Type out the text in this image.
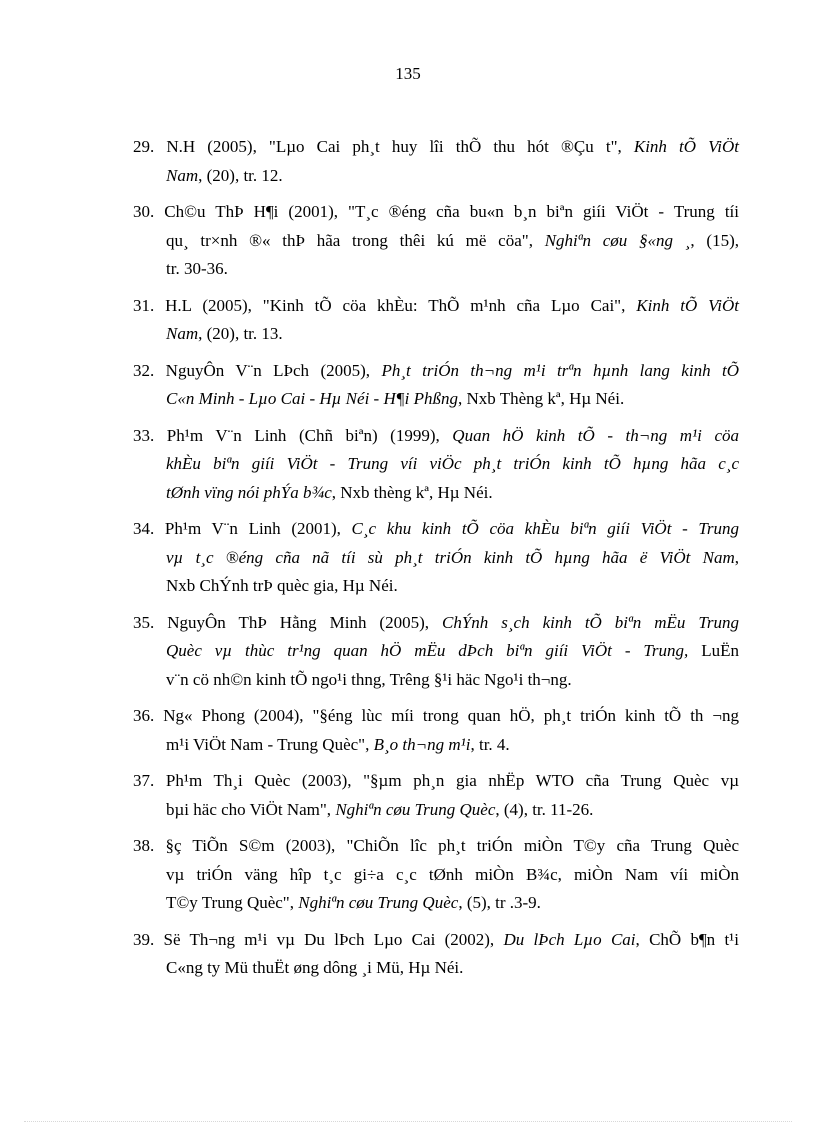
135
29. N.H (2005), "Lµo Cai ph¸t huy lîi thÕ thu hót ®Çu t", Kinh tÕ ViÖt
Nam, (20), tr. 12.
30. Ch©u ThÞ H¶i (2001), "T¸c ®éng cña bu«n b¸n biªn giíi ViÖt - Trung tíi
qu¸ tr×nh ®« thÞ hãa trong thêi kú më cöa", Nghiªn cøu §«ng ¸, (15),
tr. 30-36.
31. H.L (2005), "Kinh tÕ cöa khÈu: ThÕ m¹nh cña Lµo Cai", Kinh tÕ ViÖt
Nam, (20), tr. 13.
32. NguyÔn V¨n LÞch (2005), Ph¸t triÓn th¬ng m¹i trªn hµnh lang kinh tÕ
C«n Minh - Lµo Cai - Hµ Néi - H¶i Phßng, Nxb Thèng kª, Hµ Néi.
33. Ph¹m V¨n Linh (Chñ biªn) (1999), Quan hÖ kinh tÕ - th¬ng m¹i cöa
khÈu biªn giíi ViÖt - Trung víi viÖc ph¸t triÓn kinh tÕ hµng hãa c¸c
tØnh vïng nói phÝa b¾c, Nxb thèng kª, Hµ Néi.
34. Ph¹m V¨n Linh (2001), C¸c khu kinh tÕ cöa khÈu biªn giíi ViÖt - Trung
vµ t¸c ®éng cña nã tíi sù ph¸t triÓn kinh tÕ hµng hãa ë ViÖt Nam,
Nxb ChÝnh trÞ quèc gia, Hµ Néi.
35. NguyÔn ThÞ Hằng Minh (2005), ChÝnh s¸ch kinh tÕ biªn mËu Trung
Quèc vµ thùc tr¹ng quan hÖ mËu dÞch biªn giíi ViÖt - Trung, LuËn
v¨n cö nh©n kinh tÕ ngo¹i thng, Trêng §¹i häc Ngo¹i th¬ng.
36. Ng« Phong (2004), "§éng lùc míi trong quan hÖ, ph¸t triÓn kinh tÕ th ¬ng
m¹i ViÖt Nam - Trung Quèc", B¸o th¬ng m¹i, tr. 4.
37. Ph¹m Th¸i Quèc (2003), "§µm ph¸n gia nhËp WTO cña Trung Quèc vµ
bµi häc cho ViÖt Nam", Nghiªn cøu Trung Quèc, (4), tr. 11-26.
38. §ç TiÕn S©m (2003), "ChiÕn lîc ph¸t triÓn miÒn T©y cña Trung Quèc
vµ triÓn väng hîp t¸c gi÷a c¸c tØnh miÒn B¾c, miÒn Nam víi miÒn
T©y Trung Quèc", Nghiªn cøu Trung Quèc, (5), tr .3-9.
39. Së Th¬ng m¹i vµ Du lÞch Lµo Cai (2002), Du lÞch Lµo Cai, ChÕ b¶n t¹i
C«ng ty Mü thuËt øng dông ¸i Mü, Hµ Néi.
